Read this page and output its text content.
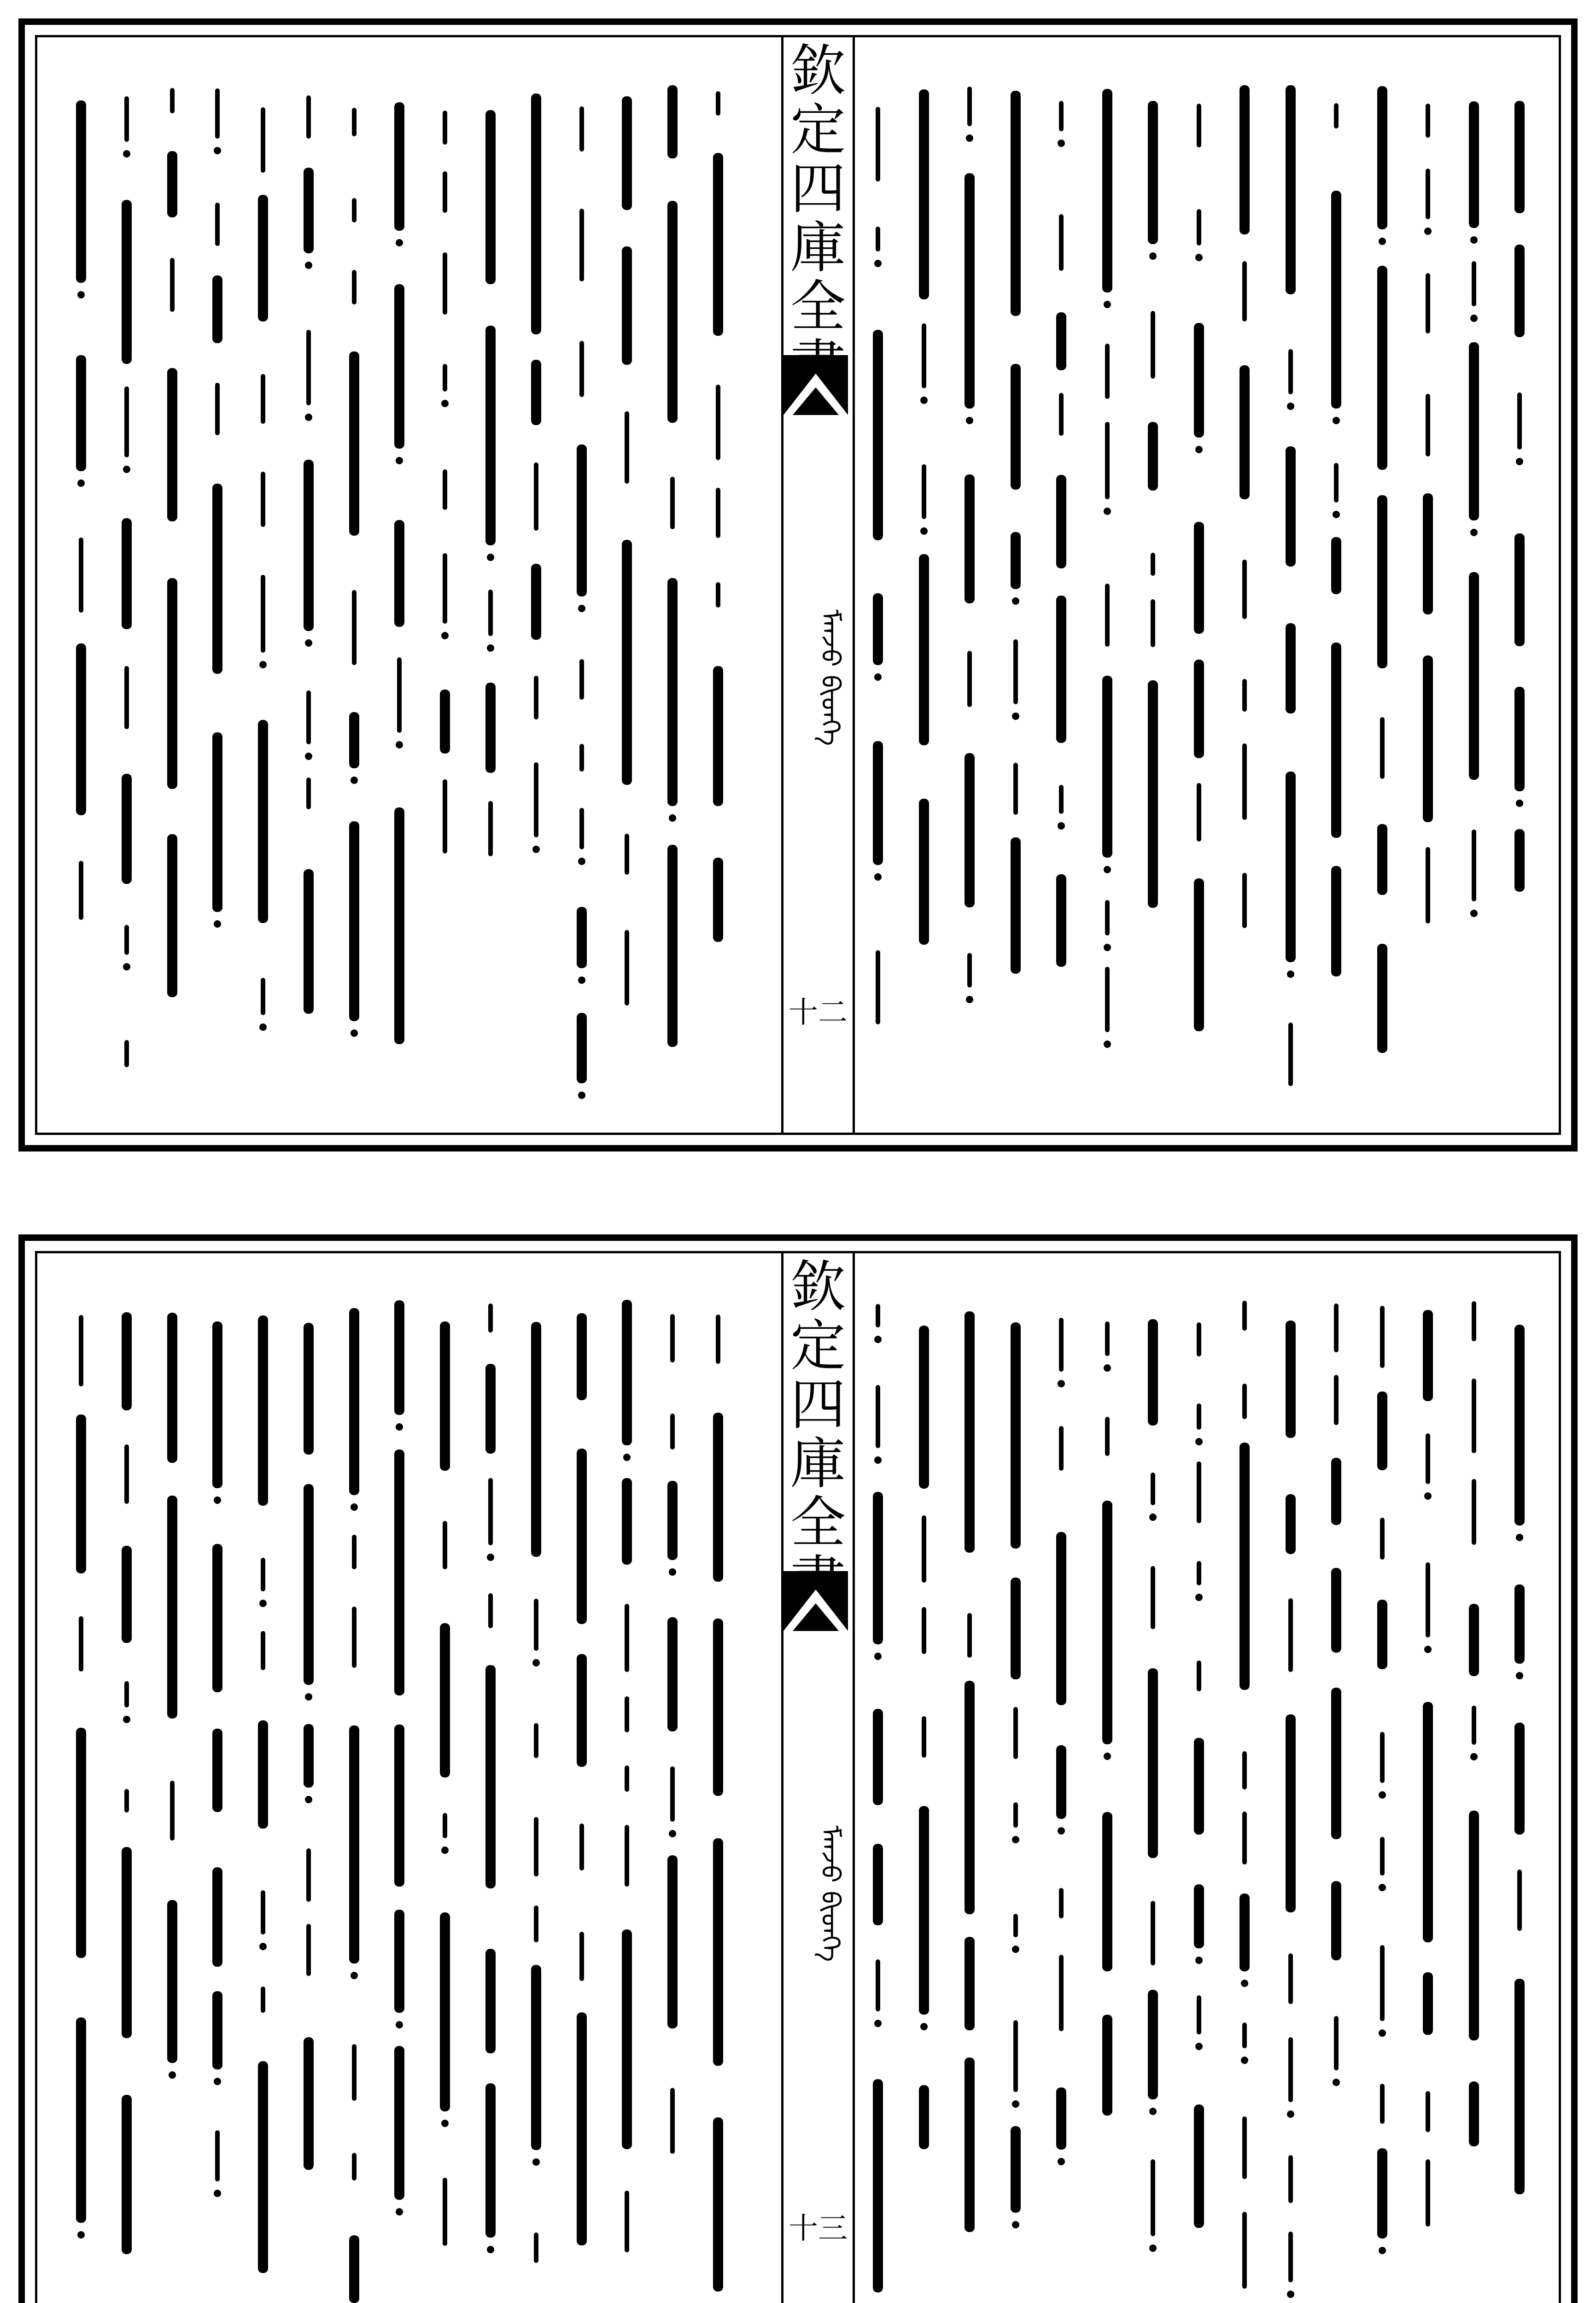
欽
定
四
庫
全
ᠮᠠᠨᠵᠤ ᠪᠢᠳᠬᠡ
十二
欽
定
四
庫
全
ᠮᠠᠨᠵᠤ ᠪᠢᠳᠬᠡ
十三
